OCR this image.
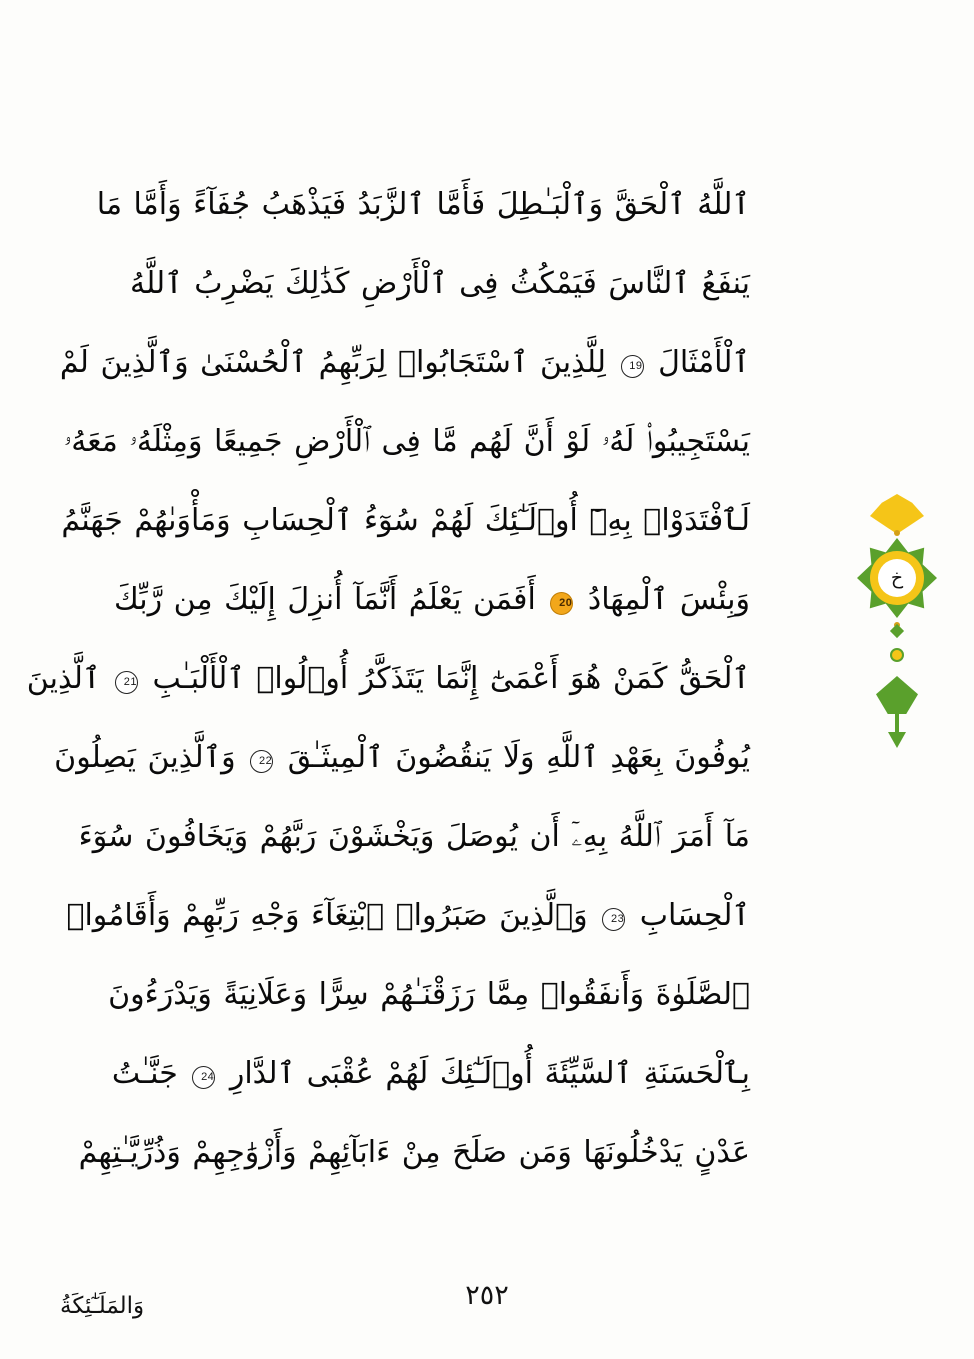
ٱللَّهُ ٱلْحَقَّ وَٱلْبَـٰطِلَ فَأَمَّا ٱلزَّبَدُ فَيَذْهَبُ جُفَآءً وَأَمَّا مَا
يَنفَعُ ٱلنَّاسَ فَيَمْكُثُ فِى ٱلْأَرْضِ كَذَٰلِكَ يَضْرِبُ ٱللَّهُ
ٱلْأَمْثَالَ 19 لِلَّذِينَ ٱسْتَجَابُوا۟ لِرَبِّهِمُ ٱلْحُسْنَىٰ وَٱلَّذِينَ لَمْ
يَسْتَجِيبُوا۟ لَهُۥ لَوْ أَنَّ لَهُم مَّا فِى ٱلْأَرْضِ جَمِيعًا وَمِثْلَهُۥ مَعَهُۥ
لَٱفْتَدَوْا۟ بِهِۦٓ أُو۟لَـٰٓئِكَ لَهُمْ سُوٓءُ ٱلْحِسَابِ وَمَأْوَىٰهُمْ جَهَنَّمُ
وَبِئْسَ ٱلْمِهَادُ 20 أَفَمَن يَعْلَمُ أَنَّمَآ أُنزِلَ إِلَيْكَ مِن رَّبِّكَ
ٱلْحَقُّ كَمَنْ هُوَ أَعْمَىٰٓ إِنَّمَا يَتَذَكَّرُ أُو۟لُوا۟ ٱلْأَلْبَـٰبِ 21 ٱلَّذِينَ
يُوفُونَ بِعَهْدِ ٱللَّهِ وَلَا يَنقُضُونَ ٱلْمِيثَـٰقَ 22 وَٱلَّذِينَ يَصِلُونَ
مَآ أَمَرَ ٱللَّهُ بِهِۦٓ أَن يُوصَلَ وَيَخْشَوْنَ رَبَّهُمْ وَيَخَافُونَ سُوٓءَ
ٱلْحِسَابِ 23 وَٱلَّذِينَ صَبَرُوا۟ ٱبْتِغَآءَ وَجْهِ رَبِّهِمْ وَأَقَامُوا۟
ٱلصَّلَوٰةَ وَأَنفَقُوا۟ مِمَّا رَزَقْنَـٰهُمْ سِرًّا وَعَلَانِيَةً وَيَدْرَءُونَ
بِٱلْحَسَنَةِ ٱلسَّيِّئَةَ أُو۟لَـٰٓئِكَ لَهُمْ عُقْبَى ٱلدَّارِ 24 جَنَّـٰتُ
عَدْنٍ يَدْخُلُونَهَا وَمَن صَلَحَ مِنْ ءَابَآئِهِمْ وَأَزْوَٰجِهِمْ وَذُرِّيَّـٰتِهِمْ
خ
٢٥٢
وَالمَلَـٰٓئِكَةُ
